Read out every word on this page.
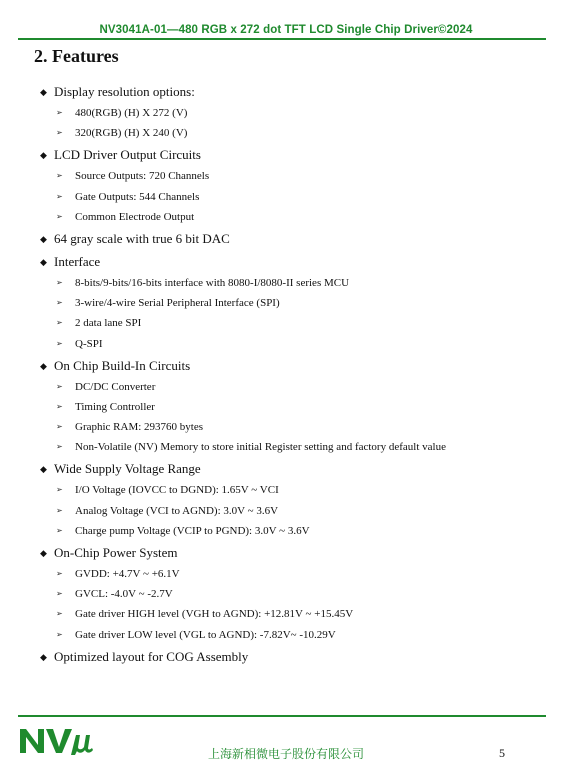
NV3041A-01—480 RGB x 272 dot TFT LCD Single Chip Driver©2024
2. Features
◆ Display resolution options:
➢ 480(RGB) (H) X 272 (V)
➢ 320(RGB) (H) X 240 (V)
◆ LCD Driver Output Circuits
➢ Source Outputs: 720 Channels
➢ Gate Outputs: 544 Channels
➢ Common Electrode Output
◆ 64 gray scale with true 6 bit DAC
◆ Interface
➢ 8-bits/9-bits/16-bits interface with 8080-I/8080-II series MCU
➢ 3-wire/4-wire Serial Peripheral Interface (SPI)
➢ 2 data lane SPI
➢ Q-SPI
◆ On Chip Build-In Circuits
➢ DC/DC Converter
➢ Timing Controller
➢ Graphic RAM: 293760 bytes
➢ Non-Volatile (NV) Memory to store initial Register setting and factory default value
◆ Wide Supply Voltage Range
➢ I/O Voltage (IOVCC to DGND): 1.65V ~ VCI
➢ Analog Voltage (VCI to AGND): 3.0V ~ 3.6V
➢ Charge pump Voltage (VCIP to PGND): 3.0V ~ 3.6V
◆ On-Chip Power System
➢ GVDD: +4.7V ~ +6.1V
➢ GVCL: -4.0V ~ -2.7V
➢ Gate driver HIGH level (VGH to AGND): +12.81V ~ +15.45V
➢ Gate driver LOW level (VGL to AGND): -7.82V~ -10.29V
◆ Optimized layout for COG Assembly
上海新相微电子股份有限公司	5
